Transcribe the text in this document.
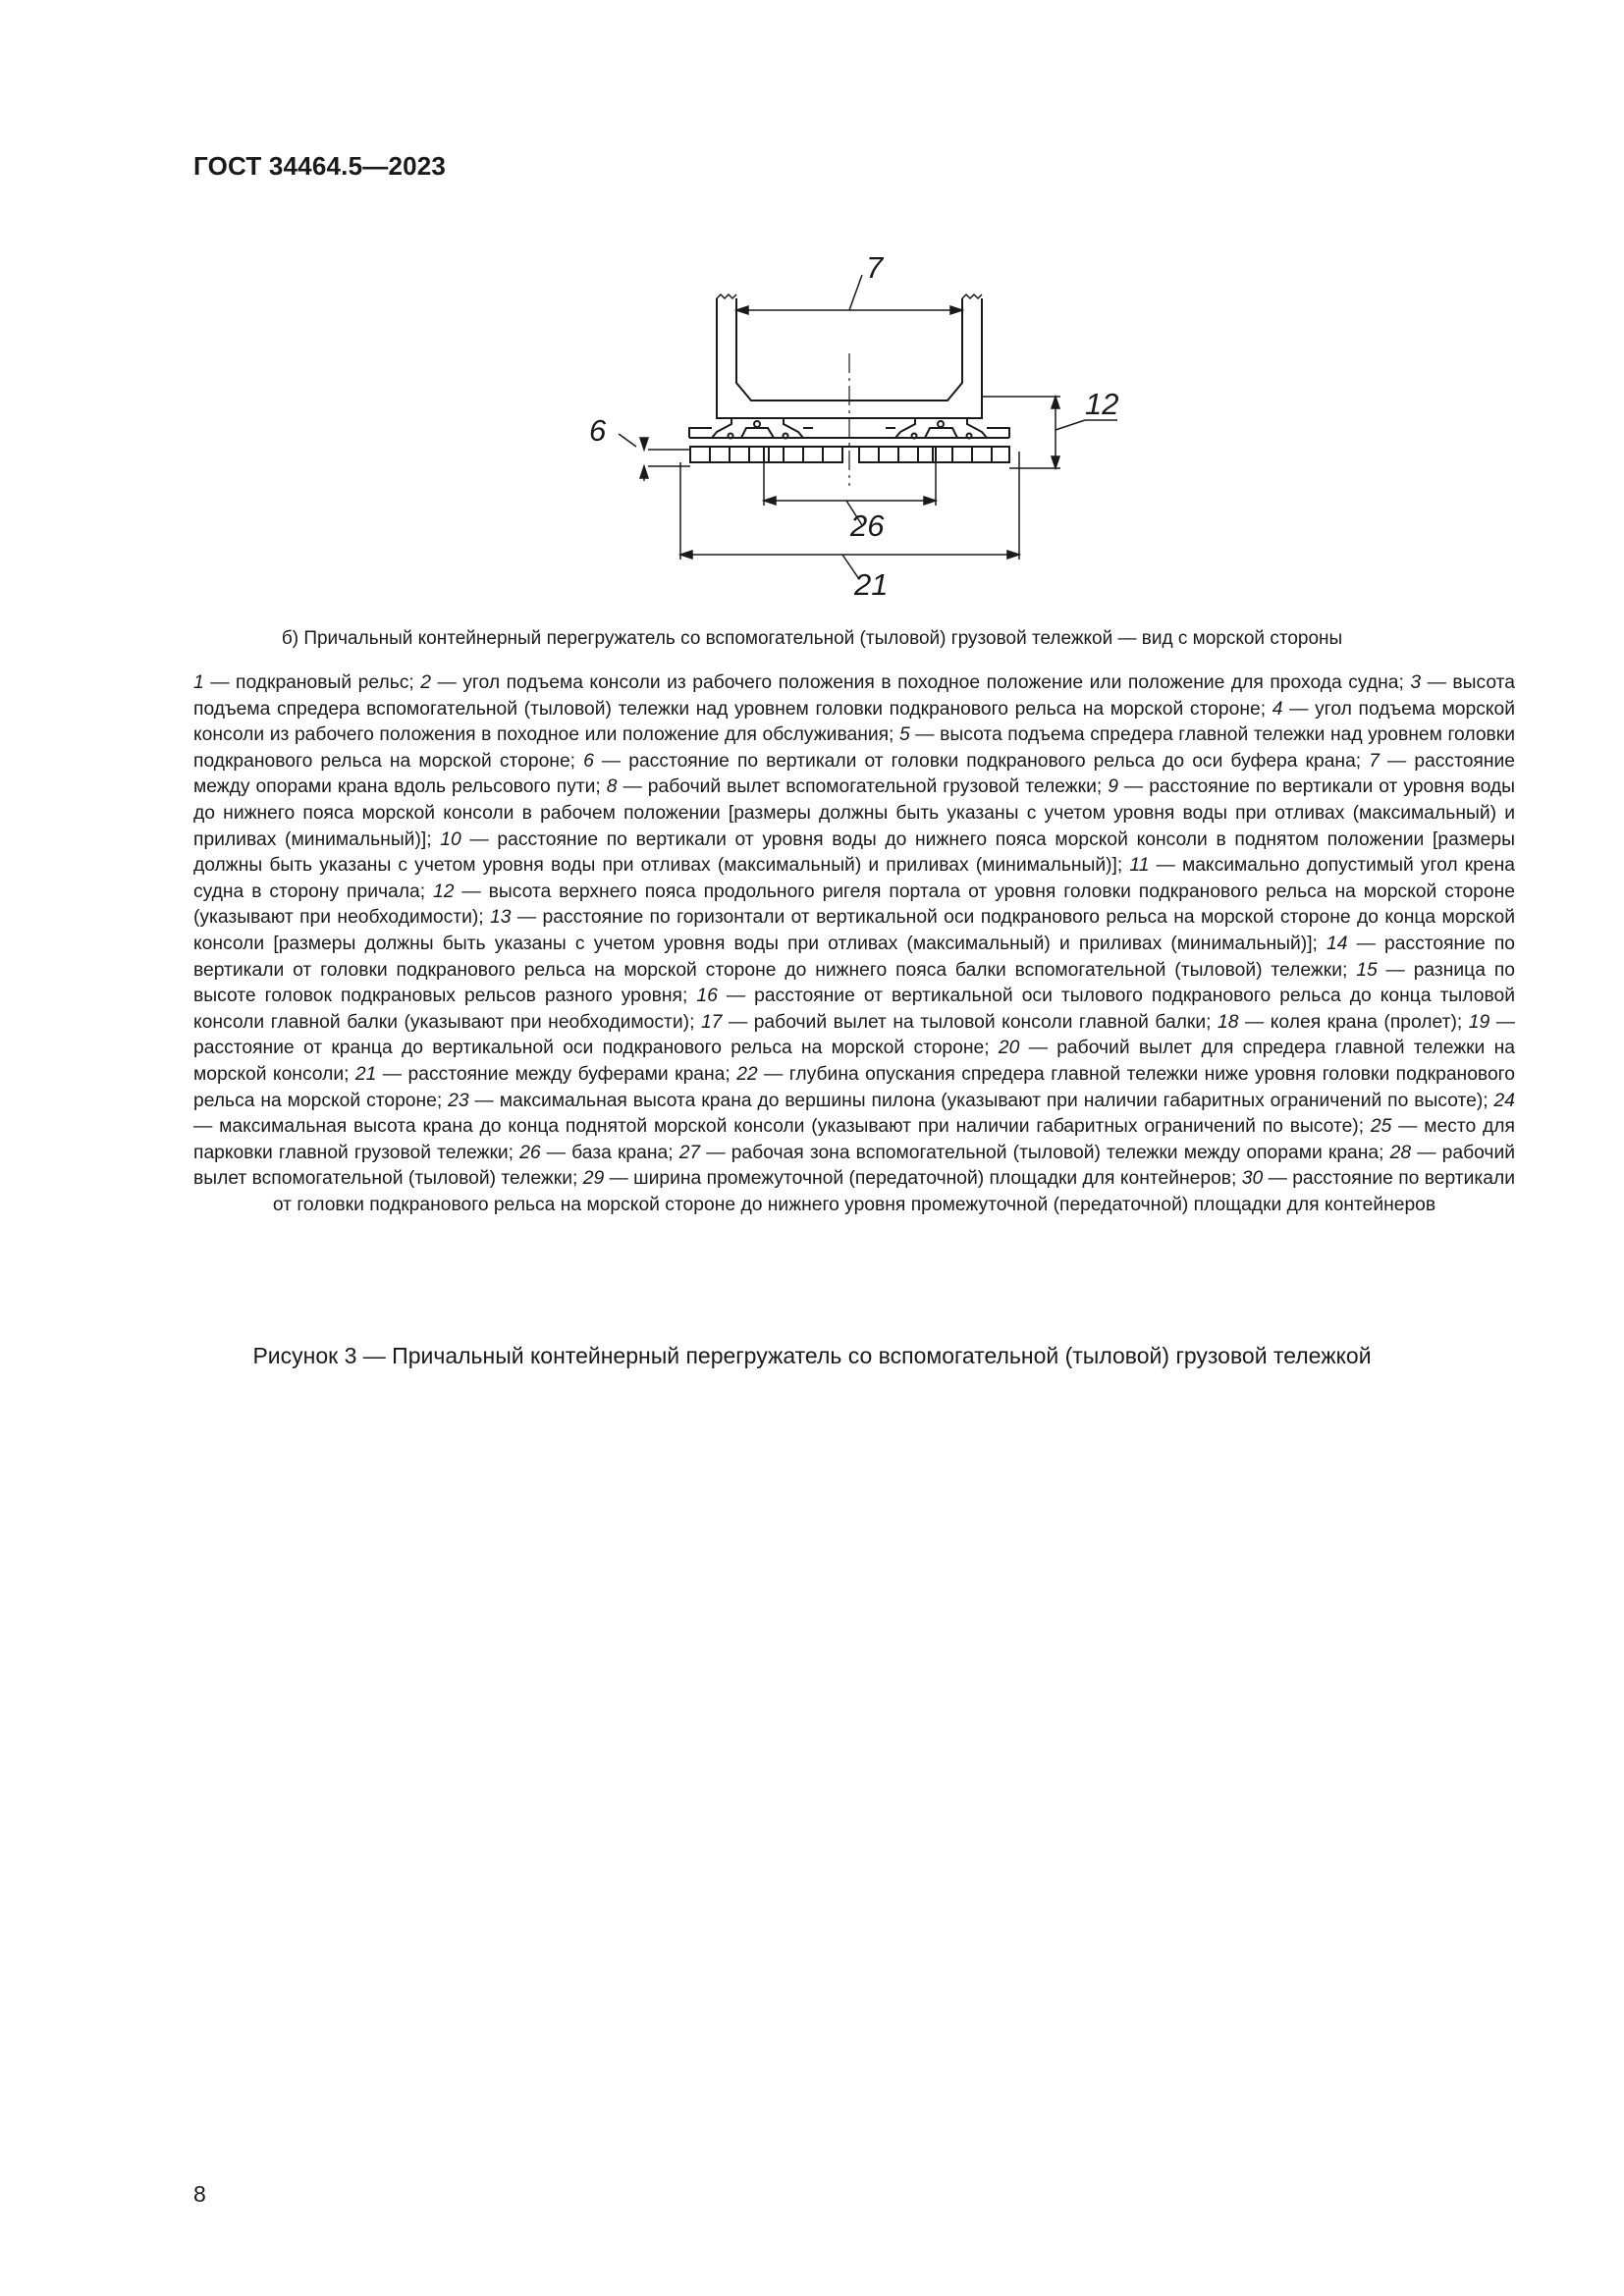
ГОСТ 34464.5—2023
7
12
6
26
21
б) Причальный контейнерный перегружатель со вспомогательной (тыловой) грузовой тележкой — вид с морской стороны
1 — подкрановый рельс; 2 — угол подъема консоли из рабочего положения в походное положение или положение для прохода судна; 3 — высота подъема спредера вспомогательной (тыловой) тележки над уровнем головки подкранового рельса на морской стороне; 4 — угол подъема морской консоли из рабочего положения в походное или положение для обслуживания; 5 — высота подъема спредера главной тележки над уровнем головки подкранового рельса на морской стороне; 6 — расстояние по вертикали от головки подкранового рельса до оси буфера крана; 7 — расстояние между опорами крана вдоль рельсового пути; 8 — рабочий вылет вспомогательной грузовой тележки; 9 — расстояние по вертикали от уровня воды до нижнего пояса морской консоли в рабочем положении [размеры должны быть указаны с учетом уровня воды при отливах (максимальный) и приливах (минимальный)]; 10 — расстояние по вертикали от уровня воды до нижнего пояса морской консоли в поднятом положении [размеры должны быть указаны с учетом уровня воды при отливах (максимальный) и приливах (минимальный)]; 11 — максимально допустимый угол крена судна в сторону причала; 12 — высота верхнего пояса продольного ригеля портала от уровня головки подкранового рельса на морской стороне (указывают при необходимости); 13 — расстояние по горизонтали от вертикальной оси подкранового рельса на морской стороне до конца морской консоли [размеры должны быть указаны с учетом уровня воды при отливах (максимальный) и приливах (минимальный)]; 14 — расстояние по вертикали от головки подкранового рельса на морской стороне до нижнего пояса балки вспомогательной (тыловой) тележки; 15 — разница по высоте головок подкрановых рельсов разного уровня; 16 — расстояние от вертикальной оси тылового подкранового рельса до конца тыловой консоли главной балки (указывают при необходимости); 17 — рабочий вылет на тыловой консоли главной балки; 18 — колея крана (пролет); 19 — расстояние от кранца до вертикальной оси подкранового рельса на морской стороне; 20 — рабочий вылет для спредера главной тележки на морской консоли; 21 — расстояние между буферами крана; 22 — глубина опускания спредера главной тележки ниже уровня головки подкранового рельса на морской стороне; 23 — максимальная высота крана до вершины пилона (указывают при наличии габаритных ограничений по высоте); 24 — максимальная высота крана до конца поднятой морской консоли (указывают при наличии габаритных ограничений по высоте); 25 — место для парковки главной грузовой тележки; 26 — база крана; 27 — рабочая зона вспомогательной (тыловой) тележки между опорами крана; 28 — рабочий вылет вспомогательной (тыловой) тележки; 29 — ширина промежуточной (передаточной) площадки для контейнеров; 30 — расстояние по вертикали от головки подкранового рельса на морской стороне до нижнего уровня промежуточной (передаточной) площадки для контейнеров
Рисунок 3 — Причальный контейнерный перегружатель со вспомогательной (тыловой) грузовой тележкой
8
